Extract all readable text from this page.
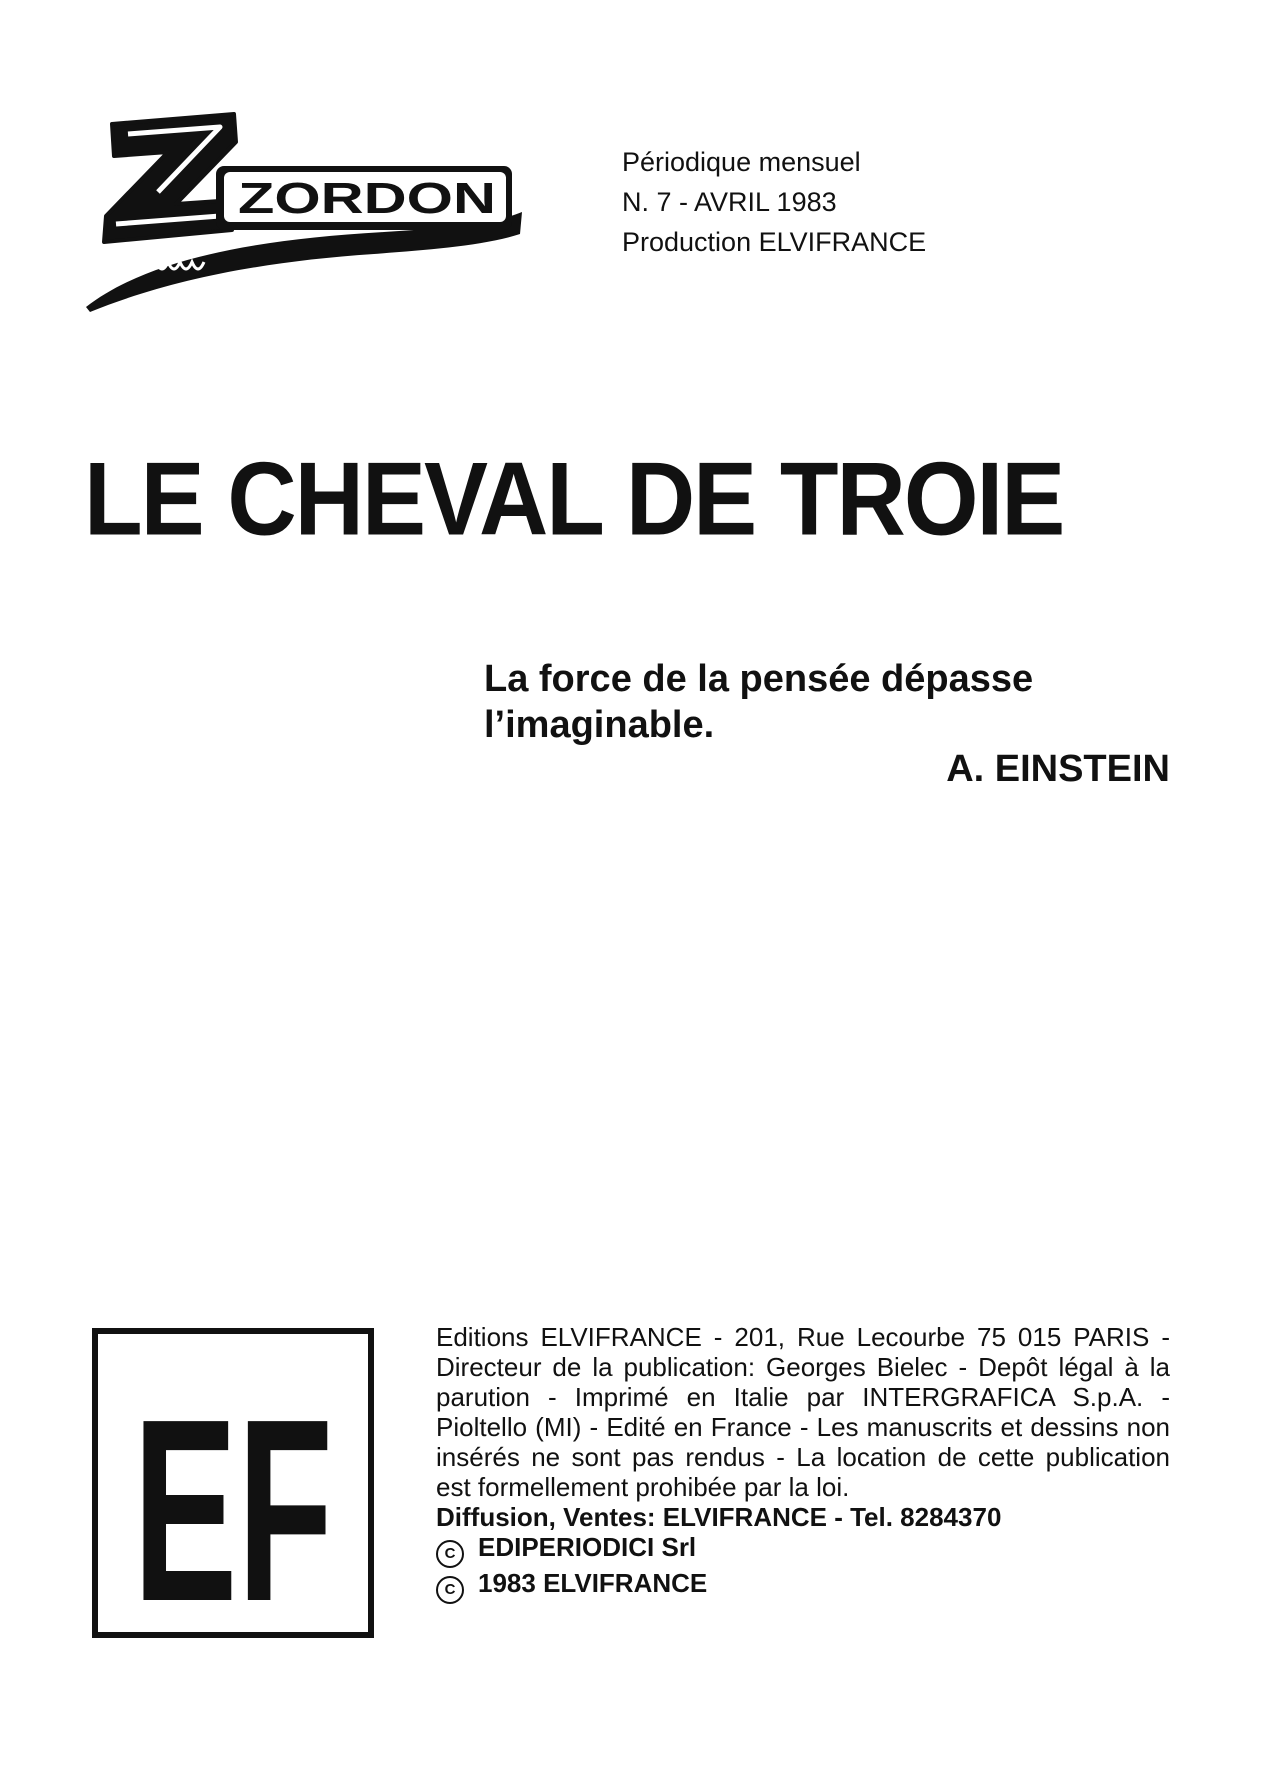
ZORDON
Périodique mensuel
N. 7 - AVRIL 1983
Production ELVIFRANCE
LE CHEVAL DE TROIE
La force de la pensée dépasse l’imaginable.
A. EINSTEIN
EF
Editions ELVIFRANCE - 201, Rue Lecourbe 75 015 PARIS - Directeur de la publication: Georges Bielec - Depôt légal à la parution - Imprimé en Italie par INTERGRAFICA S.p.A. - Pioltello (MI) - Edité en France - Les manuscrits et dessins non insérés ne sont pas rendus - La location de cette publication est formellement prohibée par la loi.
Diffusion, Ventes: ELVIFRANCE - Tel. 8284370
C EDIPERIODICI Srl
C 1983 ELVIFRANCE
